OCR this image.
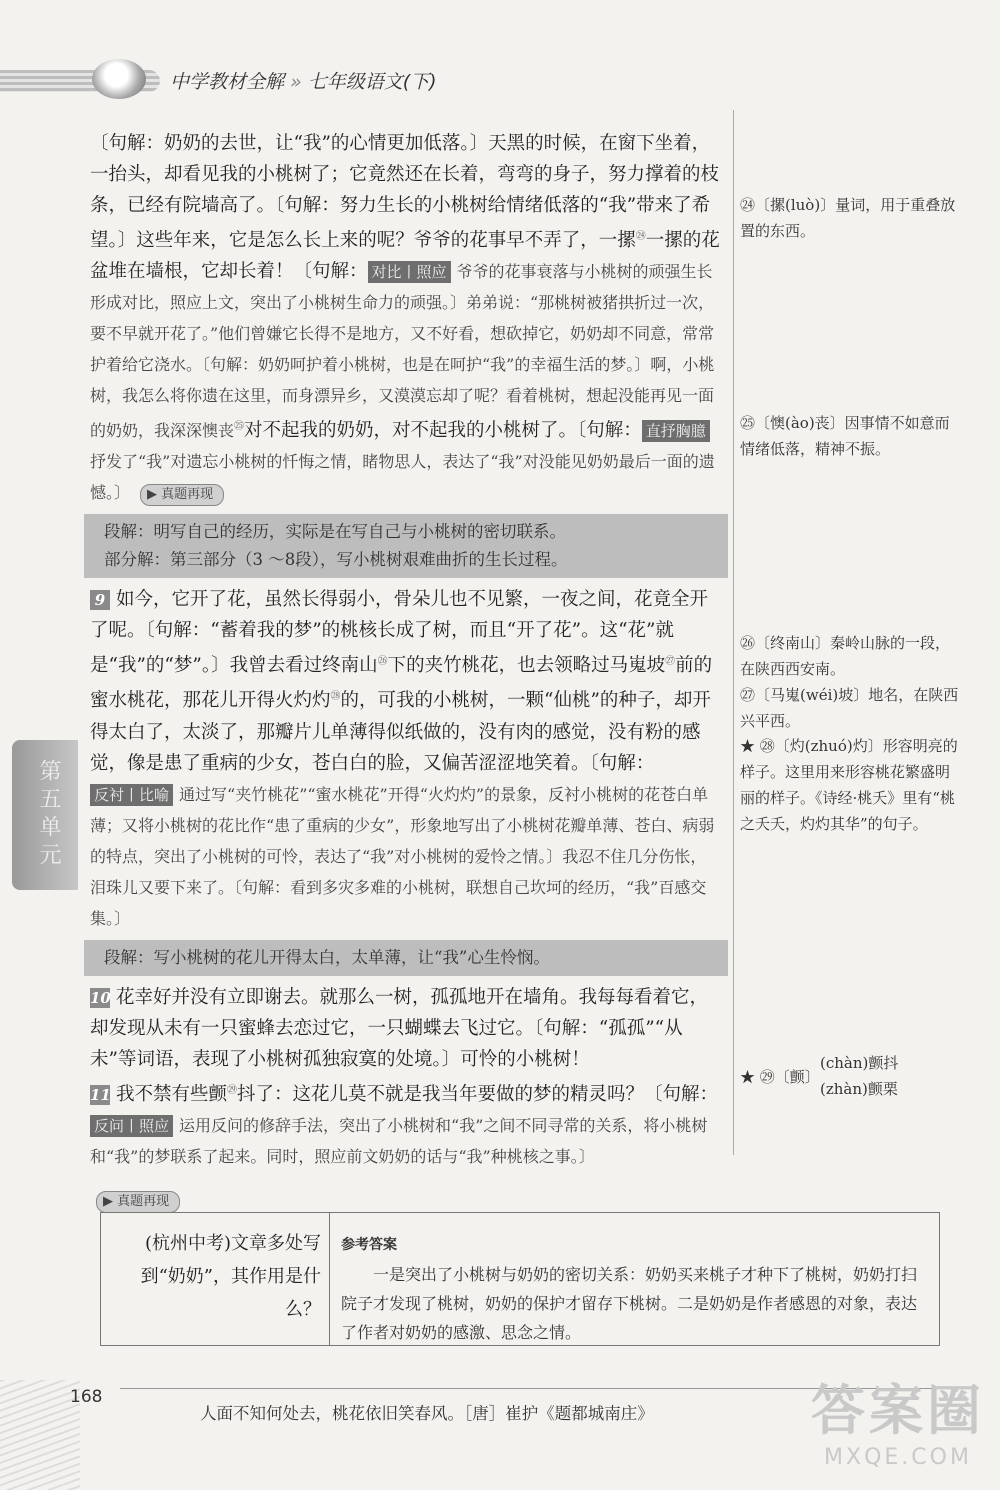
中学教材全解 » 七年级语文(下)

〔句解：奶奶的去世，让“我”的心情更加低落。〕天黑的时候，在窗下坐着，一抬头，却看见我的小桃树了；它竟然还在长着，弯弯的身子，努力撑着的枝条，已经有院墙高了。〔句解：努力生长的小桃树给情绪低落的“我”带来了希望。〕这些年来，它是怎么长上来的呢？爷爷的花事早不弄了，一摞$^㉔$一摞的花盆堆在墙根，它却长着！〔句解： 对比丨照应 爷爷的花事衰落与小桃树的顽强生长形成对比，照应上文，突出了小桃树生命力的顽强。〕弟弟说：“那桃树被猪拱折过一次，要不早就开花了。”他们曾嫌它长得不是地方，又不好看，想砍掉它，奶奶却不同意，常常护着给它浇水。〔句解：奶奶呵护着小桃树，也是在呵护“我”的幸福生活的梦。〕啊，小桃树，我怎么将你遗在这里，而身漂异乡，又漠漠忘却了呢？看着桃树，想起没能再见一面的奶奶，我深深懊丧$^㉕$对不起我的奶奶，对不起我的小桃树了。〔句解： 直抒胸臆抒发了“我”对遗忘小桃树的忏悔之情，睹物思人，表达了“我”对没能见奶奶最后一面的遗憾。〕 ▶ 真题再现

段解：明写自己的经历，实际是在写自己与小桃树的密切联系。
部分解：第三部分（3 ～8段），写小桃树艰难曲折的生长过程。

9 如今，它开了花，虽然长得弱小，骨朵儿也不见繁，一夜之间，花竟全开了呢。〔句解：“蓄着我的梦”的桃核长成了树，而且“开了花”。这“花”就是“我”的“梦”。〕我曾去看过终南山$^㉖$下的夹竹桃花，也去领略过马嵬坡$^㉗$前的蜜水桃花，那花儿开得火灼灼$^㉘$的，可我的小桃树，一颗“仙桃”的种子，却开得太白了，太淡了，那瓣片儿单薄得似纸做的，没有肉的感觉，没有粉的感觉，像是患了重病的少女，苍白白的脸，又偏苦涩涩地笑着。〔句解：反衬丨比喻 通过写“夹竹桃花”“蜜水桃花”开得“火灼灼”的景象，反衬小桃树的花苍白单薄；又将小桃树的花比作“患了重病的少女”，形象地写出了小桃树花瓣单薄、苍白、病弱的特点，突出了小桃树的可怜，表达了“我”对小桃树的爱怜之情。〕我忍不住几分伤怅，泪珠儿又要下来了。〔句解：看到多灾多难的小桃树，联想自己坎坷的经历，“我”百感交集。〕

段解：写小桃树的花儿开得太白，太单薄，让“我”心生怜悯。

10 花幸好并没有立即谢去。就那么一树，孤孤地开在墙角。我每每看着它，却发现从未有一只蜜蜂去恋过它，一只蝴蝶去飞过它。〔句解：“孤孤”“从未”等词语，表现了小桃树孤独寂寞的处境。〕可怜的小桃树！

11 我不禁有些颤$^㉙$抖了：这花儿莫不就是我当年要做的梦的精灵吗？〔句解：反问丨照应 运用反问的修辞手法，突出了小桃树和“我”之间不同寻常的关系，将小桃树和“我”的梦联系了起来。同时，照应前文奶奶的话与“我”种桃核之事。〕

㉔〔摞(luò)〕量词，用于重叠放置的东西。
㉕〔懊(ào)丧〕因事情不如意而情绪低落，精神不振。
㉖〔终南山〕秦岭山脉的一段，在陕西西安南。
㉗〔马嵬(wéi)坡〕地名，在陕西兴平西。
★ ㉘〔灼(zhuó)灼〕形容明亮的样子。这里用来形容桃花繁盛明丽的样子。《诗经·桃夭》里有“桃之夭夭，灼灼其华”的句子。
★ ㉙〔颤〕
(chàn)颤抖
(zhàn)颤栗
第五单元
▶ 真题再现
(杭州中考)文章多处写到“奶奶”，其作用是什么？
参考答案
一是突出了小桃树与奶奶的密切关系：奶奶买来桃子才种下了桃树，奶奶打扫院子才发现了桃树，奶奶的保护才留存下桃树。二是奶奶是作者感恩的对象，表达了作者对奶奶的感激、思念之情。
168
人面不知何处去，桃花依旧笑春风。［唐］崔护《题都城南庄》	答案圈
MXQE.COM
